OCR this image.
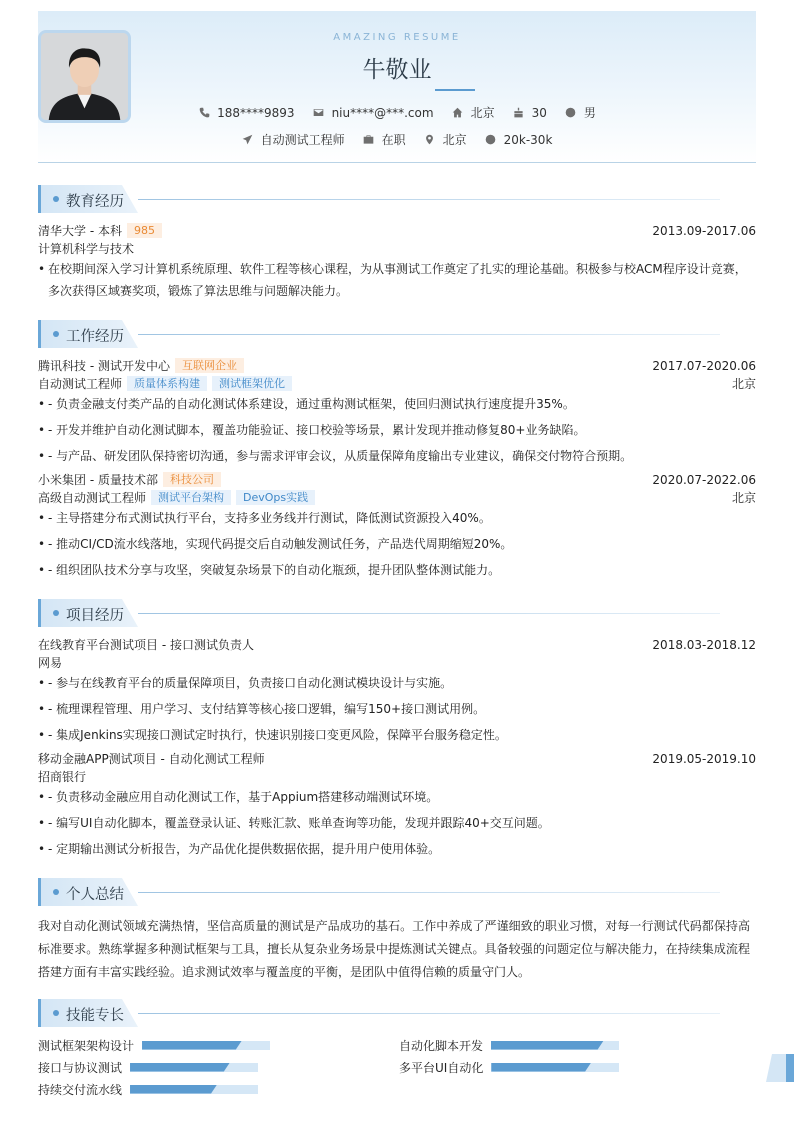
AMAZING RESUME
牛敬业
188****9893	niu****@***.com	北京	30	男
自动测试工程师	在职	北京	20k-30k
教育经历
清华大学 - 本科 985	2013.09-2017.06
计算机科学与技术
• 在校期间深入学习计算机系统原理、软件工程等核心课程，为从事测试工作奠定了扎实的理论基础。积极参与校ACM程序设计竞赛，
多次获得区域赛奖项，锻炼了算法思维与问题解决能力。
工作经历
腾讯科技 - 测试开发中心 互联网企业	2017.07-2020.06
自动测试工程师 质量体系构建 测试框架优化	北京
• - 负责金融支付类产品的自动化测试体系建设，通过重构测试框架，使回归测试执行速度提升35%。
• - 开发并维护自动化测试脚本，覆盖功能验证、接口校验等场景，累计发现并推动修复80+业务缺陷。
• - 与产品、研发团队保持密切沟通，参与需求评审会议，从质量保障角度输出专业建议，确保交付物符合预期。
小米集团 - 质量技术部 科技公司	2020.07-2022.06
高级自动测试工程师 测试平台架构 DevOps实践	北京
• - 主导搭建分布式测试执行平台，支持多业务线并行测试，降低测试资源投入40%。
• - 推动CI/CD流水线落地，实现代码提交后自动触发测试任务，产品迭代周期缩短20%。
• - 组织团队技术分享与攻坚，突破复杂场景下的自动化瓶颈，提升团队整体测试能力。
项目经历
在线教育平台测试项目 - 接口测试负责人	2018.03-2018.12
网易
• - 参与在线教育平台的质量保障项目，负责接口自动化测试模块设计与实施。
• - 梳理课程管理、用户学习、支付结算等核心接口逻辑，编写150+接口测试用例。
• - 集成Jenkins实现接口测试定时执行，快速识别接口变更风险，保障平台服务稳定性。
移动金融APP测试项目 - 自动化测试工程师	2019.05-2019.10
招商银行
• - 负责移动金融应用自动化测试工作，基于Appium搭建移动端测试环境。
• - 编写UI自动化脚本，覆盖登录认证、转账汇款、账单查询等功能，发现并跟踪40+交互问题。
• - 定期输出测试分析报告，为产品优化提供数据依据，提升用户使用体验。
个人总结
我对自动化测试领域充满热情，坚信高质量的测试是产品成功的基石。工作中养成了严谨细致的职业习惯，对每一行测试代码都保持高标准要求。熟练掌握多种测试框架与工具，擅长从复杂业务场景中提炼测试关键点。具备较强的问题定位与解决能力，在持续集成流程搭建方面有丰富实践经验。追求测试效率与覆盖度的平衡，是团队中值得信赖的质量守门人。
技能专长
测试框架架构设计	自动化脚本开发
接口与协议测试	多平台UI自动化
持续交付流水线
